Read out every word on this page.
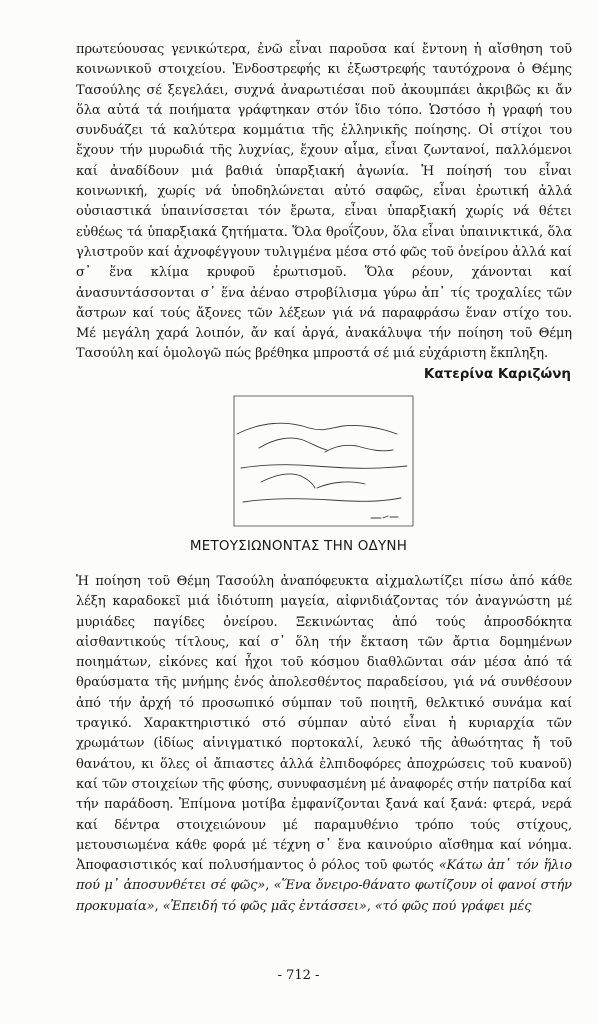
πρωτεύουσας γενικώτερα, ἐνῶ εἶναι παροῦσα καί ἔντονη ἡ αἴσθηση τοῦ κοινωνικοῦ στοιχείου. Ἐνδοστρεφής κι ἐξωστρεφής ταυτόχρονα ὁ Θέμης Τασούλης σέ ξεγελάει, συχνά ἀναρωτιέσαι ποῦ ἀκουμπάει ἀκριβῶς κι ἄν ὅλα αὐτά τά ποιήματα γράφτηκαν στόν ἴδιο τόπο. Ὡστόσο ἡ γραφή του συνδυάζει τά καλύτερα κομμάτια τῆς ἑλληνικῆς ποίησης. Οἱ στίχοι του ἔχουν τήν μυρωδιά τῆς λυχνίας, ἔχουν αἷμα, εἶναι ζωντανοί, παλλόμενοι καί ἀναδίδουν μιά βαθιά ὑπαρξιακή ἀγωνία. Ἡ ποίησή του εἶναι κοινωνική, χωρίς νά ὑποδηλώνεται αὐτό σαφῶς, εἶναι ἐρωτική ἀλλά οὐσιαστικά ὑπαινίσσεται τόν ἔρωτα, εἶναι ὑπαρξιακή χωρίς νά θέτει εὐθέως τά ὑπαρξιακά ζητήματα. Ὅλα θροΐζουν, ὅλα εἶναι ὑπαινικτικά, ὅλα γλιστροῦν καί ἀχνοφέγγουν τυλιγμένα μέσα στό φῶς τοῦ ὀνείρου ἀλλά καί σ᾽ ἕνα κλίμα κρυφοῦ ἐρωτισμοῦ. Ὅλα ρέουν, χάνονται καί ἀνασυντάσσονται σ᾽ ἕνα ἀέναο στροβίλισμα γύρω ἀπ᾽ τίς τροχαλίες τῶν ἄστρων καί τούς ἄξονες τῶν λέξεων γιά νά παραφράσω ἕναν στίχο του. Μέ μεγάλη χαρά λοιπόν, ἄν καί ἀργά, ἀνακάλυψα τήν ποίηση τοῦ Θέμη Τασούλη καί ὁμολογῶ πώς βρέθηκα μπροστά σέ μιά εὐχάριστη ἔκπληξη.

Κατερίνα Καριζώνη
ΜΕΤΟΥΣΙΩΝΟΝΤΑΣ ΤΗΝ ΟΔΥΝΗ

Ἡ ποίηση τοῦ Θέμη Τασούλη ἀναπόφευκτα αἰχμαλωτίζει πίσω ἀπό κάθε λέξη καραδοκεῖ μιά ἰδιότυπη μαγεία, αἰφνιδιάζοντας τόν ἀναγνώστη μέ μυριάδες παγίδες ὀνείρου. Ξεκινώντας ἀπό τούς ἀπροσδόκητα αἰσθαντικούς τίτλους, καί σ᾽ ὅλη τήν ἔκταση τῶν ἄρτια δομημένων ποιημάτων, εἰκόνες καί ἦχοι τοῦ κόσμου διαθλῶνται σάν μέσα ἀπό τά θραύσματα τῆς μνήμης ἑνός ἀπολεσθέντος παραδείσου, γιά νά συνθέσουν ἀπό τήν ἀρχή τό προσωπικό σύμπαν τοῦ ποιητῆ, θελκτικό συνάμα καί τραγικό. Χαρακτηριστικό στό σύμπαν αὐτό εἶναι ἡ κυριαρχία τῶν χρωμάτων (ἰδίως αἰνιγματικό πορτοκαλί, λευκό τῆς ἀθωότητας ἤ τοῦ θανάτου, κι ὅλες οἱ ἄπιαστες ἀλλά ἐλπιδοφόρες ἀποχρώσεις τοῦ κυανοῦ) καί τῶν στοιχείων τῆς φύσης, συνυφασμένη μέ ἀναφορές στήν πατρίδα καί τήν παράδοση. Ἐπίμονα μοτίβα ἐμφανίζονται ξανά καί ξανά: φτερά, νερά καί δέντρα στοιχειώνουν μέ παραμυθένιο τρόπο τούς στίχους, μετουσιωμένα κάθε φορά μέ τέχνη σ᾽ ἕνα καινούριο αἴσθημα καί νόημα. Ἀποφασιστικός καί πολυσήμαντος ὁ ρόλος τοῦ φωτός «Κάτω ἀπ᾽ τόν ἥλιο πού μ᾽ ἀποσυνθέτει σέ φῶς», «Ἕνα ὄνειρο-θάνατο φωτίζουν οἱ φανοί στήν προκυμαία», «Ἐπειδή τό φῶς μᾶς ἐντάσσει», «τό φῶς πού γράφει μές

- 712 -
